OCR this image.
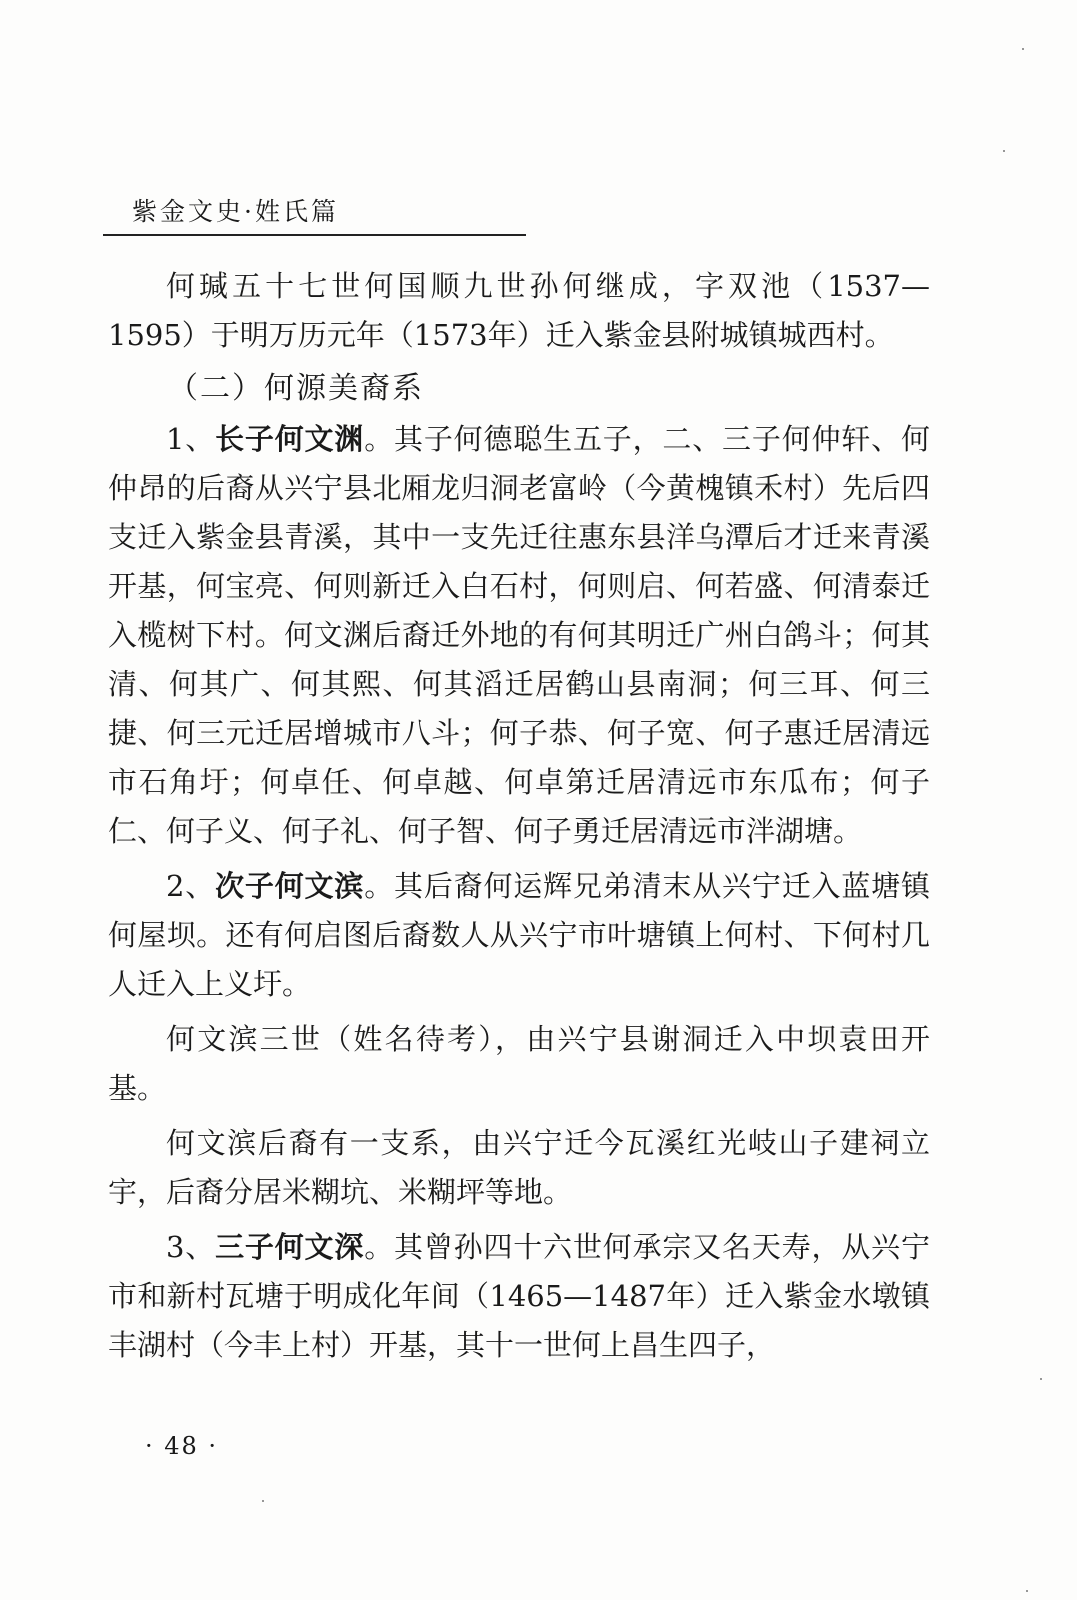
紫金文史·姓氏篇

何瑊五十七世何国顺九世孙何继成，字双池（1537—1595）于明万历元年（1573年）迁入紫金县附城镇城西村。

（二）何源美裔系

1、长子何文渊。其子何德聪生五子，二、三子何仲轩、何仲昂的后裔从兴宁县北厢龙归洞老富岭（今黄槐镇禾村）先后四支迁入紫金县青溪，其中一支先迁往惠东县洋乌潭后才迁来青溪开基，何宝亮、何则新迁入白石村，何则启、何若盛、何清泰迁入榄树下村。何文渊后裔迁外地的有何其明迁广州白鸽斗；何其清、何其广、何其熙、何其滔迁居鹤山县南洞；何三耳、何三捷、何三元迁居增城市八斗；何子恭、何子宽、何子惠迁居清远市石角圩；何卓任、何卓越、何卓第迁居清远市东瓜布；何子仁、何子义、何子礼、何子智、何子勇迁居清远市泮湖塘。

2、次子何文滨。其后裔何运辉兄弟清末从兴宁迁入蓝塘镇何屋坝。还有何启图后裔数人从兴宁市叶塘镇上何村、下何村几人迁入上义圩。

何文滨三世（姓名待考），由兴宁县谢洞迁入中坝袁田开基。

何文滨后裔有一支系，由兴宁迁今瓦溪红光岐山子建祠立宇，后裔分居米糊坑、米糊坪等地。

3、三子何文深。其曾孙四十六世何承宗又名天寿，从兴宁市和新村瓦塘于明成化年间（1465—1487年）迁入紫金水墩镇丰湖村（今丰上村）开基，其十一世何上昌生四子，

· 48 ·
